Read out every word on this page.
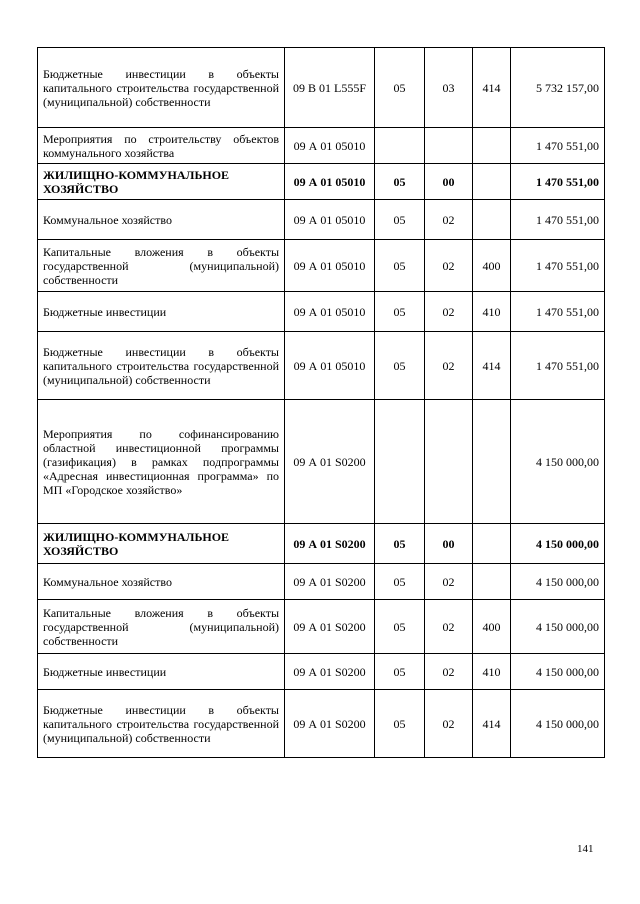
Бюджетные инвестиции в объекты капитального строительства государственной (муниципальной) собственности	09 В 01 L555F	05	03	414	5 732 157,00
Мероприятия по строительству объектов коммунального хозяйства	09 А 01 05010				1 470 551,00
ЖИЛИЩНО-КОММУНАЛЬНОЕ ХОЗЯЙСТВО	09 А 01 05010	05	00		1 470 551,00
Коммунальное хозяйство	09 А 01 05010	05	02		1 470 551,00
Капитальные вложения в объекты государственной (муниципальной) собственности	09 А 01 05010	05	02	400	1 470 551,00
Бюджетные инвестиции	09 А 01 05010	05	02	410	1 470 551,00
Бюджетные инвестиции в объекты капитального строительства государственной (муниципальной) собственности	09 А 01 05010	05	02	414	1 470 551,00
Мероприятия по софинансированию областной инвестиционной программы (газификация) в рамках подпрограммы «Адресная инвестиционная программа» по МП «Городское хозяйство»	09 А 01 S0200				4 150 000,00
ЖИЛИЩНО-КОММУНАЛЬНОЕ ХОЗЯЙСТВО	09 А 01 S0200	05	00		4 150 000,00
Коммунальное хозяйство	09 А 01 S0200	05	02		4 150 000,00
Капитальные вложения в объекты государственной (муниципальной) собственности	09 А 01 S0200	05	02	400	4 150 000,00
Бюджетные инвестиции	09 А 01 S0200	05	02	410	4 150 000,00
Бюджетные инвестиции в объекты капитального строительства государственной (муниципальной) собственности	09 А 01 S0200	05	02	414	4 150 000,00
141
